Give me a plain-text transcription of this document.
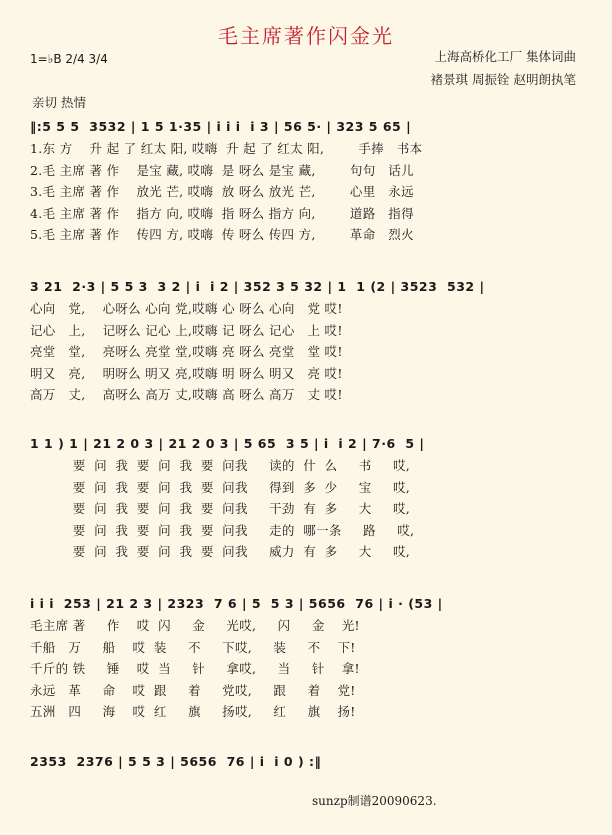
毛主席著作闪金光
1=♭B 2/4 3/4	上海高桥化工厂 集体词曲
褚景琪 周振铨 赵明朗执笔
亲切 热情
‖:5 5 5  3532 | 1 5 1·35 | i i i  i 3 | 56 5· | 323 5 65 |
1.东 方    升 起 了 红太 阳, 哎嗨  升 起 了 红太 阳,        手捧   书本
2.毛 主席 著 作    是宝 藏, 哎嗨  是 呀么 是宝 藏,        句句   话儿
3.毛 主席 著 作    放光 芒, 哎嗨  放 呀么 放光 芒,        心里   永远
4.毛 主席 著 作    指方 向, 哎嗨  指 呀么 指方 向,        道路   指得
5.毛 主席 著 作    传四 方, 哎嗨  传 呀么 传四 方,        革命   烈火
3 21  2·3 | 5 5 3  3 2 | i  i 2 | 352 3 5 32 | 1  1 (2 | 3523  532 |
心向   党,    心呀么 心向 党,哎嗨 心 呀么 心向   党 哎!
记心   上,    记呀么 记心 上,哎嗨 记 呀么 记心   上 哎!
亮堂   堂,    亮呀么 亮堂 堂,哎嗨 亮 呀么 亮堂   堂 哎!
明又   亮,    明呀么 明又 亮,哎嗨 明 呀么 明又   亮 哎!
高万   丈,    高呀么 高万 丈,哎嗨 高 呀么 高万   丈 哎!
1 1 ) 1 | 21 2 0 3 | 21 2 0 3 | 5 65  3 5 | i  i 2 | 7·6  5 |
要  问  我  要  问  我  要  问我     读的  什  么     书     哎,
要  问  我  要  问  我  要  问我     得到  多  少     宝     哎,
要  问  我  要  问  我  要  问我     干劲  有  多     大     哎,
要  问  我  要  问  我  要  问我     走的  哪一条     路     哎,
要  问  我  要  问  我  要  问我     威力  有  多     大     哎,
i i i  253 | 21 2 3 | 2323  7 6 | 5  5 3 | 5656  76 | i · (53 |
毛主席 著     作    哎  闪     金     光哎,     闪     金    光!
千船   万     船    哎  装     不     下哎,     装     不    下!
千斤的 铁     锤    哎  当     针     拿哎,     当     针    拿!
永远   革     命    哎  跟     着     党哎,     跟     着    党!
五洲   四     海    哎  红     旗     扬哎,     红     旗    扬!
2353  2376 | 5 5 3 | 5656  76 | i  i 0 ) :‖
sunzp制谱20090623.
